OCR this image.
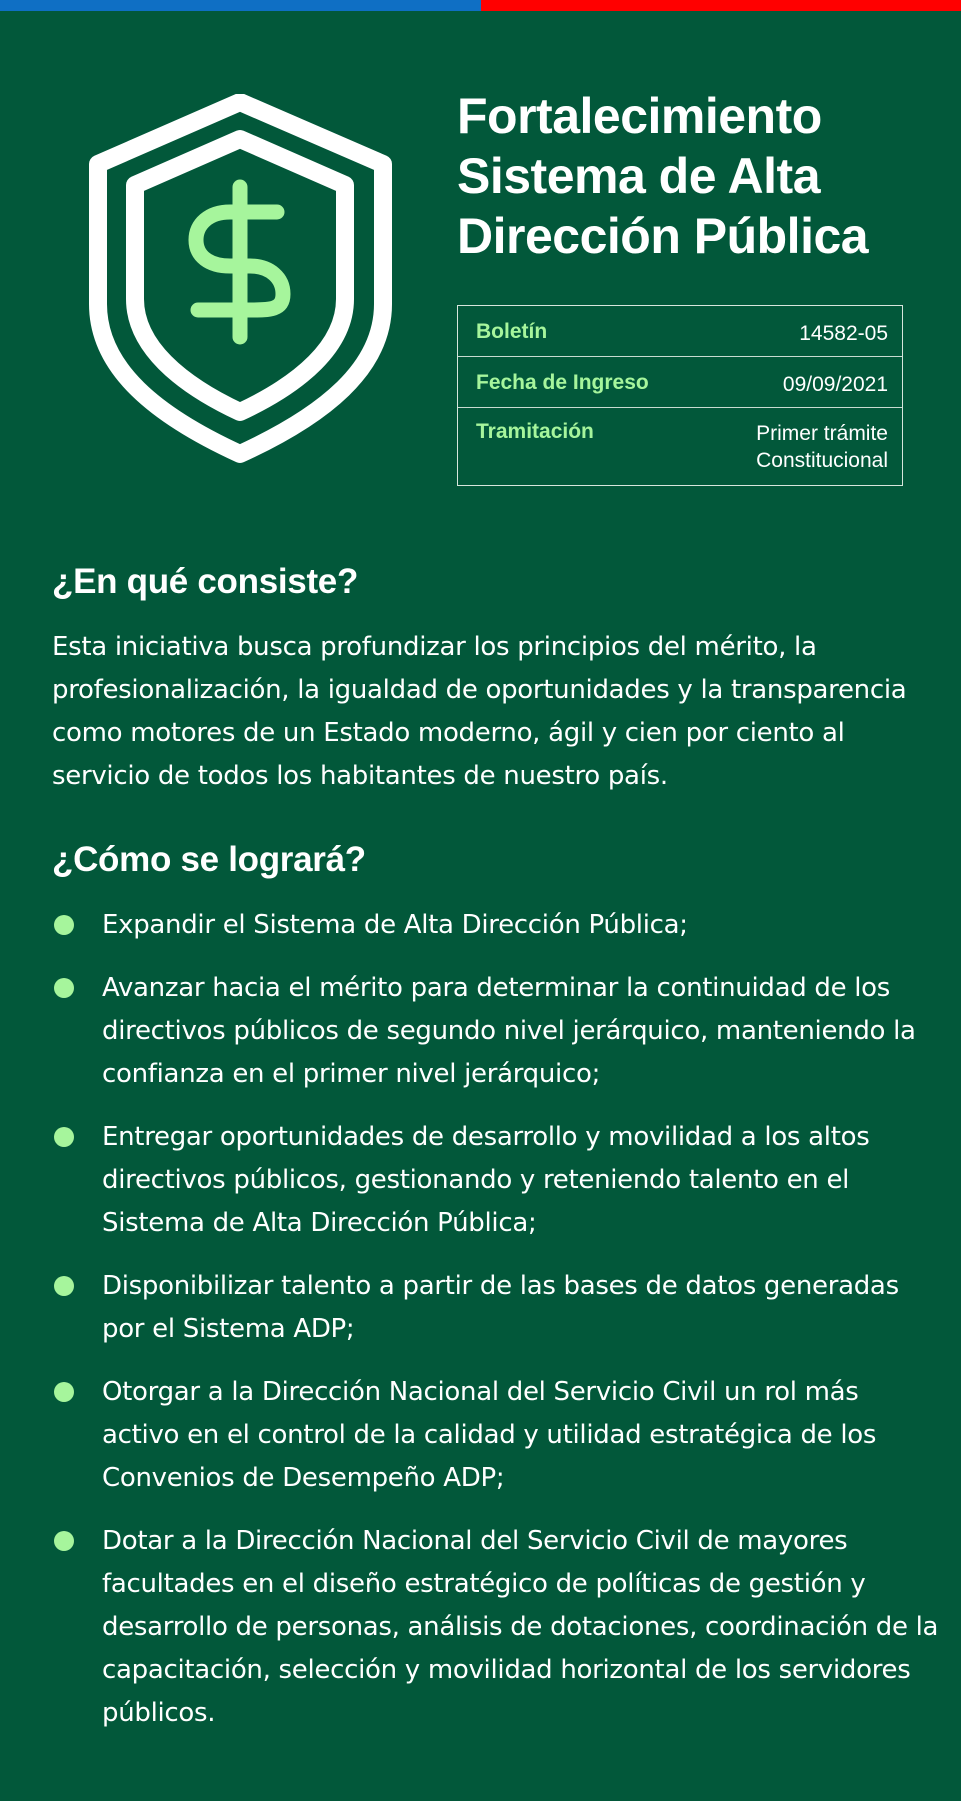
Fortalecimiento Sistema de Alta Dirección Pública
Boletín	14582-05
Fecha de Ingreso	09/09/2021
Tramitación	Primer trámite
Constitucional
¿En qué consiste?

Esta iniciativa busca profundizar los principios del mérito, la profesionalización, la igualdad de oportunidades y la transparencia como motores de un Estado moderno, ágil y cien por ciento al servicio de todos los habitantes de nuestro país.

¿Cómo se logrará?
Expandir el Sistema de Alta Dirección Pública;
Avanzar hacia el mérito para determinar la continuidad de los directivos públicos de segundo nivel jerárquico, manteniendo la confianza en el primer nivel jerárquico;
Entregar oportunidades de desarrollo y movilidad a los altos directivos públicos, gestionando y reteniendo talento en el Sistema de Alta Dirección Pública;
Disponibilizar talento a partir de las bases de datos generadas por el Sistema ADP;
Otorgar a la Dirección Nacional del Servicio Civil un rol más activo en el control de la calidad y utilidad estratégica de los Convenios de Desempeño ADP;
Dotar a la Dirección Nacional del Servicio Civil de mayores facultades en el diseño estratégico de políticas de gestión y desarrollo de personas, análisis de dotaciones, coordinación de la capacitación, selección y movilidad horizontal de los servidores públicos.
